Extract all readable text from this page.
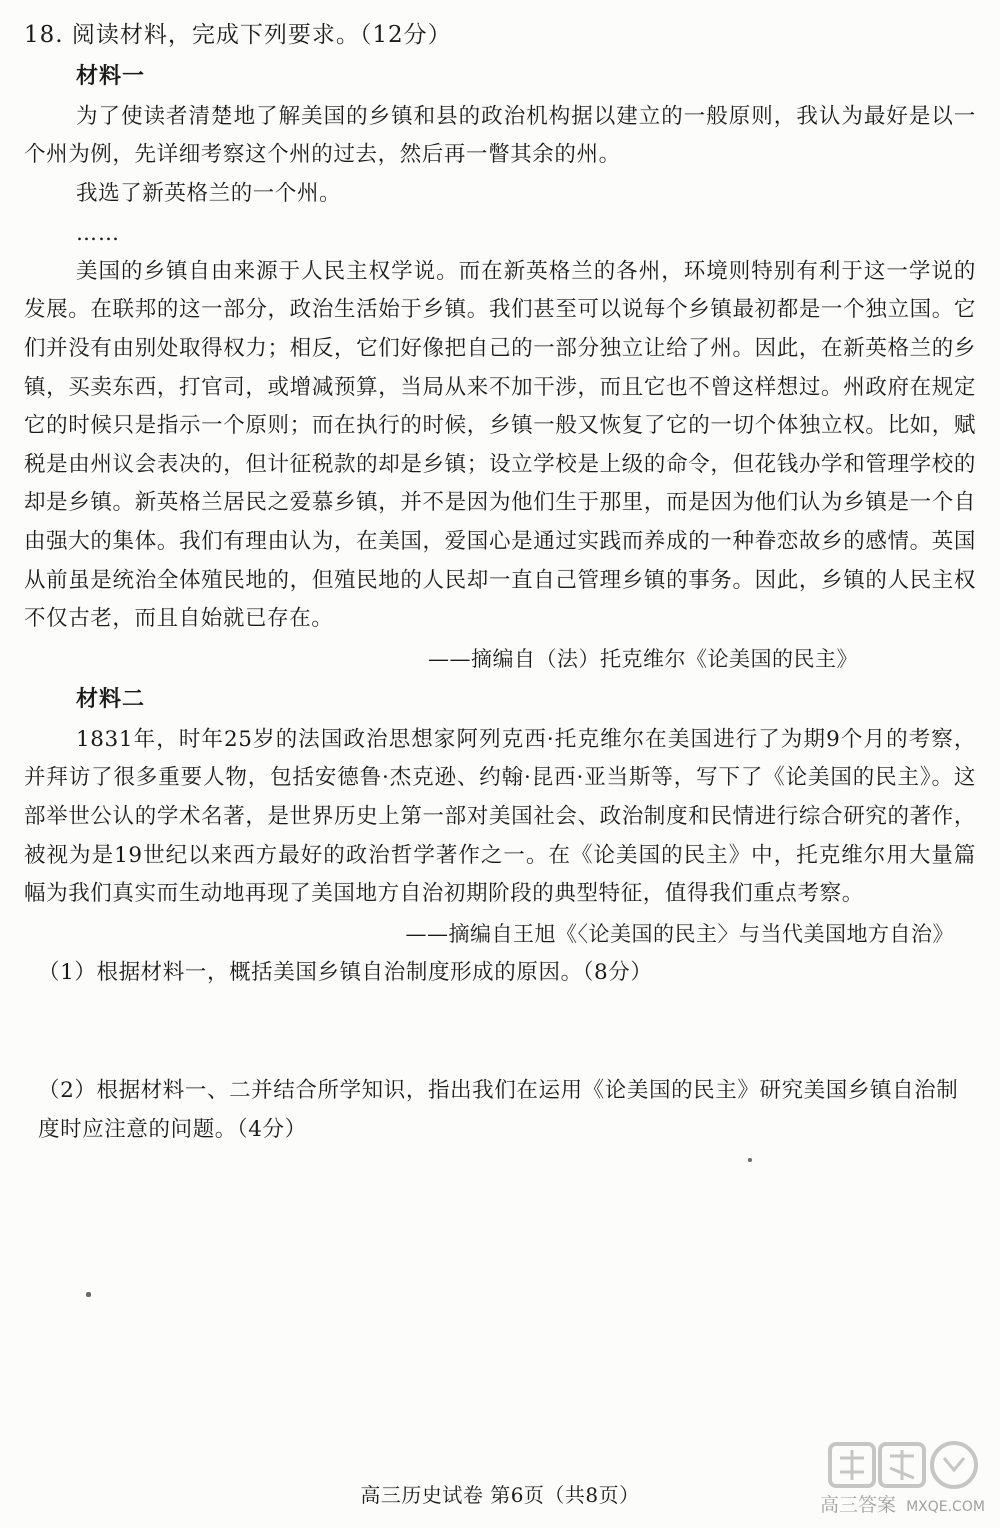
18. 阅读材料，完成下列要求。（12分）
材料一

为了使读者清楚地了解美国的乡镇和县的政治机构据以建立的一般原则，我认为最好是以一个州为例，先详细考察这个州的过去，然后再一瞥其余的州。

我选了新英格兰的一个州。

……

美国的乡镇自由来源于人民主权学说。而在新英格兰的各州，环境则特别有利于这一学说的发展。在联邦的这一部分，政治生活始于乡镇。我们甚至可以说每个乡镇最初都是一个独立国。它们并没有由别处取得权力；相反，它们好像把自己的一部分独立让给了州。因此，在新英格兰的乡镇，买卖东西，打官司，或增减预算，当局从来不加干涉，而且它也不曾这样想过。州政府在规定它的时候只是指示一个原则；而在执行的时候，乡镇一般又恢复了它的一切个体独立权。比如，赋税是由州议会表决的，但计征税款的却是乡镇；设立学校是上级的命令，但花钱办学和管理学校的却是乡镇。新英格兰居民之爱慕乡镇，并不是因为他们生于那里，而是因为他们认为乡镇是一个自由强大的集体。我们有理由认为，在美国，爱国心是通过实践而养成的一种眷恋故乡的感情。英国从前虽是统治全体殖民地的，但殖民地的人民却一直自己管理乡镇的事务。因此，乡镇的人民主权不仅古老，而且自始就已存在。

——摘编自（法）托克维尔《论美国的民主》
材料二

1831年，时年25岁的法国政治思想家阿列克西·托克维尔在美国进行了为期9个月的考察，并拜访了很多重要人物，包括安德鲁·杰克逊、约翰·昆西·亚当斯等，写下了《论美国的民主》。这部举世公认的学术名著，是世界历史上第一部对美国社会、政治制度和民情进行综合研究的著作，被视为是19世纪以来西方最好的政治哲学著作之一。在《论美国的民主》中，托克维尔用大量篇幅为我们真实而生动地再现了美国地方自治初期阶段的典型特征，值得我们重点考察。

——摘编自王旭《〈论美国的民主〉与当代美国地方自治》

（1）根据材料一，概括美国乡镇自治制度形成的原因。（8分）

（2）根据材料一、二并结合所学知识，指出我们在运用《论美国的民主》研究美国乡镇自治制度时应注意的问题。（4分）

高三历史试卷 第6页（共8页）	高三答案 MXQE.COM
